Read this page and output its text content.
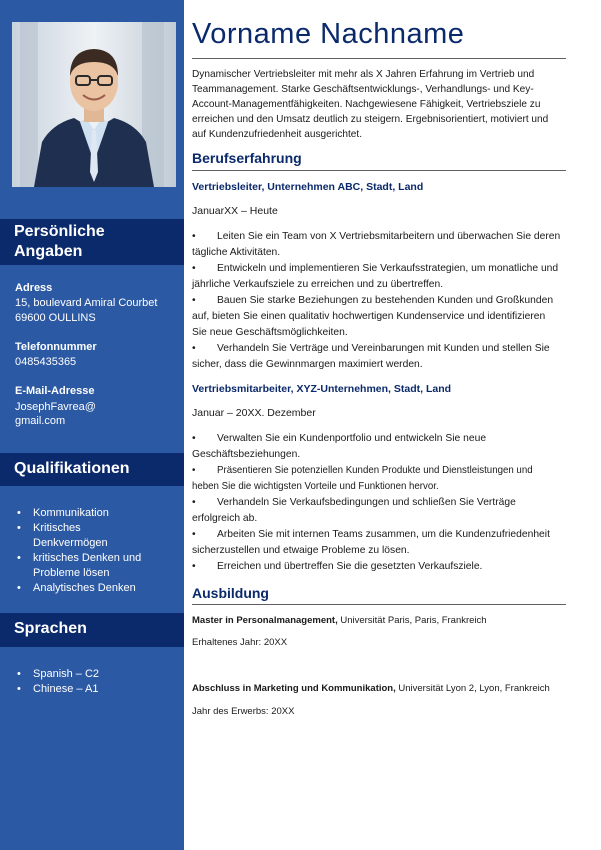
Persönliche
Angaben
Adress
15, boulevard Amiral Courbet
69600 OULLINS
Telefonnummer
0485435365
E-Mail-Adresse
JosephFavrea@
gmail.com
Qualifikationen
• Kommunikation
• Kritisches
Denkvermögen
• kritisches Denken und
Probleme lösen
• Analytisches Denken
Sprachen
• Spanish – C2
• Chinese – A1
Vorname Nachname
Dynamischer Vertriebsleiter mit mehr als X Jahren Erfahrung im Vertrieb und Teammanagement. Starke Geschäftsentwicklungs-, Verhandlungs- und Key-Account-Managementfähigkeiten. Nachgewiesene Fähigkeit, Vertriebsziele zu erreichen und den Umsatz deutlich zu steigern. Ergebnisorientiert, motiviert und auf Kundenzufriedenheit ausgerichtet.
Berufserfahrung
Vertriebsleiter, Unternehmen ABC, Stadt, Land
JanuarXX – Heute
• Leiten Sie ein Team von X Vertriebsmitarbeitern und überwachen Sie deren tägliche Aktivitäten.
• Entwickeln und implementieren Sie Verkaufsstrategien, um monatliche und jährliche Verkaufsziele zu erreichen und zu übertreffen.
• Bauen Sie starke Beziehungen zu bestehenden Kunden und Großkunden auf, bieten Sie einen qualitativ hochwertigen Kundenservice und identifizieren Sie neue Geschäftsmöglichkeiten.
• Verhandeln Sie Verträge und Vereinbarungen mit Kunden und stellen Sie sicher, dass die Gewinnmargen maximiert werden.
Vertriebsmitarbeiter, XYZ-Unternehmen, Stadt, Land
Januar – 20XX. Dezember
• Verwalten Sie ein Kundenportfolio und entwickeln Sie neue Geschäftsbeziehungen.
• Präsentieren Sie potenziellen Kunden Produkte und Dienstleistungen und heben Sie die wichtigsten Vorteile und Funktionen hervor.
• Verhandeln Sie Verkaufsbedingungen und schließen Sie Verträge erfolgreich ab.
• Arbeiten Sie mit internen Teams zusammen, um die Kundenzufriedenheit sicherzustellen und etwaige Probleme zu lösen.
• Erreichen und übertreffen Sie die gesetzten Verkaufsziele.
Ausbildung
Master in Personalmanagement, Universität Paris, Paris, Frankreich
Erhaltenes Jahr: 20XX
Abschluss in Marketing und Kommunikation, Universität Lyon 2, Lyon, Frankreich
Jahr des Erwerbs: 20XX
